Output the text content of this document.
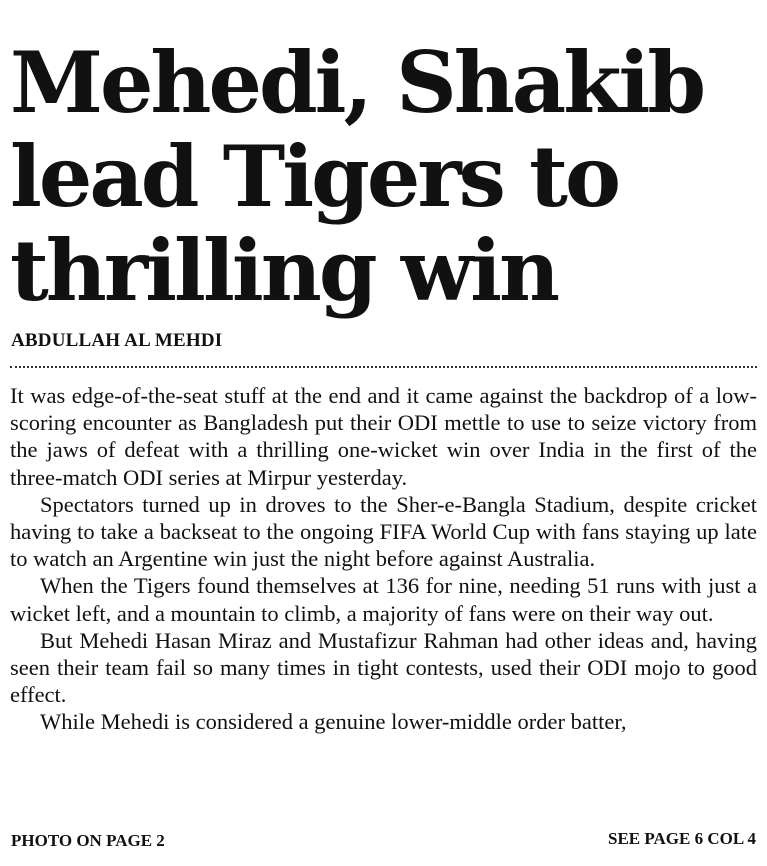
Mehedi, Shakib
lead Tigers to
thrilling win
ABDULLAH AL MEHDI

It was edge-of-the-seat stuff at the end and it came against the backdrop of a low-scoring encounter as Bangladesh put their ODI mettle to use to seize victory from the jaws of defeat with a thrilling one-wicket win over India in the first of the three-match ODI series at Mirpur yesterday.

Spectators turned up in droves to the Sher-e-Bangla Stadium, despite cricket having to take a backseat to the ongoing FIFA World Cup with fans staying up late to watch an Argentine win just the night before against Australia.

When the Tigers found themselves at 136 for nine, needing 51 runs with just a wicket left, and a mountain to climb, a majority of fans were on their way out.

But Mehedi Hasan Miraz and Mustafizur Rahman had other ideas and, having seen their team fail so many times in tight contests, used their ODI mojo to good effect.

While Mehedi is considered a genuine lower-middle order batter,

PHOTO ON PAGE 2	SEE PAGE 6 COL 4
